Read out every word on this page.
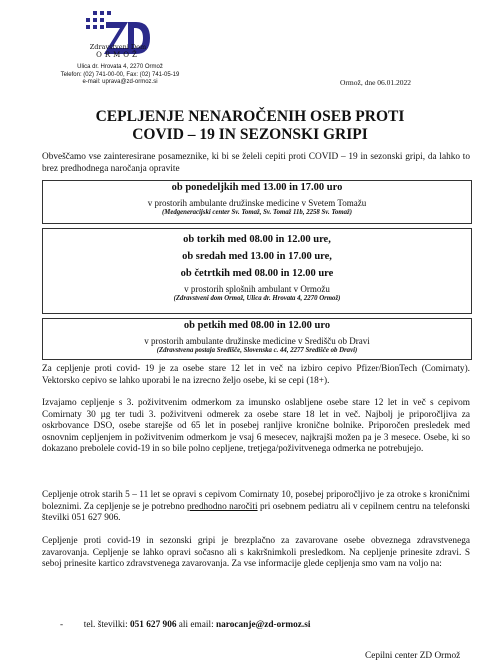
Zdravstveni Dom
ORMOŽ
Ulica dr. Hrovata 4, 2270 Ormož
Telefon: (02) 741-00-00, Fax: (02) 741-05-19
e-mail: uprava@zd-ormoz.si	Ormož, dne 06.01.2022
CEPLJENJE NENAROČENIH OSEB PROTI
COVID – 19 IN SEZONSKI GRIPI
Obveščamo vse zainteresirane posameznike, ki bi se želeli cepiti proti COVID – 19 in sezonski gripi, da lahko to brez predhodnega naročanja opravite
ob ponedeljkih med 13.00 in 17.00 uro
v prostorih ambulante družinske medicine v Svetem Tomažu
(Medgeneracijski center Sv. Tomaž, Sv. Tomaž 11b, 2258 Sv. Tomaž)
ob torkih med 08.00 in 12.00 ure,
ob sredah med 13.00 in 17.00 ure,
ob četrtkih med 08.00 in 12.00 ure
v prostorih splošnih ambulant v Ormožu
(Zdravstveni dom Ormož, Ulica dr. Hrovata 4, 2270 Ormož)
ob petkih med 08.00 in 12.00 uro
v prostorih ambulante družinske medicine v Središču ob Dravi
(Zdravstvena postaja Središče, Slovenska c. 44, 2277 Središče ob Dravi)
Za cepljenje proti covid- 19 je za osebe stare 12 let in več na izbiro cepivo Pfizer/BionTech (Comirnaty). Vektorsko cepivo se lahko uporabi le na izrecno željo osebe, ki se cepi (18+).
Izvajamo cepljenje s 3. poživitvenim odmerkom za imunsko oslabljene osebe stare 12 let in več s cepivom Comirnaty 30 µg ter tudi 3. poživitveni odmerek za osebe stare 18 let in več. Najbolj je priporočljiva za oskrbovance DSO, osebe starejše od 65 let in posebej ranljive kronične bolnike. Priporočen presledek med osnovnim cepljenjem in poživitvenim odmerkom je vsaj 6 mesecev, najkrajši možen pa je 3 mesece. Osebe, ki so dokazano prebolele covid-19 in so bile polno cepljene, tretjega/poživitvenega odmerka ne potrebujejo.
Cepljenje otrok starih 5 – 11 let se opravi s cepivom Comirnaty 10, posebej priporočljivo je za otroke s kroničnimi boleznimi. Za cepljenje se je potrebno predhodno naročiti pri osebnem pediatru ali v cepilnem centru na telefonski številki 051 627 906.
Cepljenje proti covid-19 in sezonski gripi je brezplačno za zavarovane osebe obveznega zdravstvenega zavarovanja. Cepljenje se lahko opravi sočasno ali s kakršnimkoli presledkom. Na cepljenje prinesite zdravi. S seboj prinesite kartico zdravstvenega zavarovanja. Za vse informacije glede cepljenja smo vam na voljo na:
- tel. številki: 051 627 906 ali email: narocanje@zd-ormoz.si
Cepilni center ZD Ormož
